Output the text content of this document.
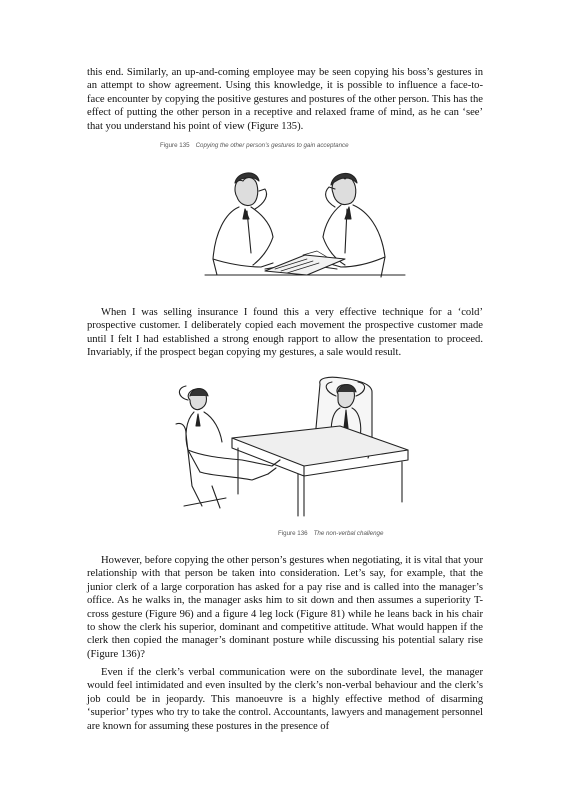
this end. Similarly, an up-and-coming employee may be seen copying his boss’s gestures in an attempt to show agreement. Using this knowledge, it is possible to influence a face-to-face encounter by copying the positive gestures and postures of the other person. This has the effect of putting the other person in a receptive and relaxed frame of mind, as he can ‘see’ that you understand his point of view (Figure 135).

Figure 135 Copying the other person’s gestures to gain acceptance

When I was selling insurance I found this a very effective technique for a ‘cold’ prospective customer. I deliberately copied each movement the prospective customer made until I felt I had established a strong enough rapport to allow the presentation to proceed. Invariably, if the prospect began copying my gestures, a sale would result.

Figure 136 The non-verbal challenge

However, before copying the other person’s gestures when negotiating, it is vital that your relationship with that person be taken into consideration. Let’s say, for example, that the junior clerk of a large corporation has asked for a pay rise and is called into the manager’s office. As he walks in, the manager asks him to sit down and then assumes a superiority T-cross gesture (Figure 96) and a figure 4 leg lock (Figure 81) while he leans back in his chair to show the clerk his superior, dominant and competitive attitude. What would happen if the clerk then copied the manager’s dominant posture while discussing his potential salary rise (Figure 136)?

Even if the clerk’s verbal communication were on the subordinate level, the manager would feel intimidated and even insulted by the clerk’s non-verbal behaviour and the clerk’s job could be in jeopardy. This manoeuvre is a highly effective method of disarming ‘superior’ types who try to take the control. Accountants, lawyers and management personnel are known for assuming these postures in the presence of
